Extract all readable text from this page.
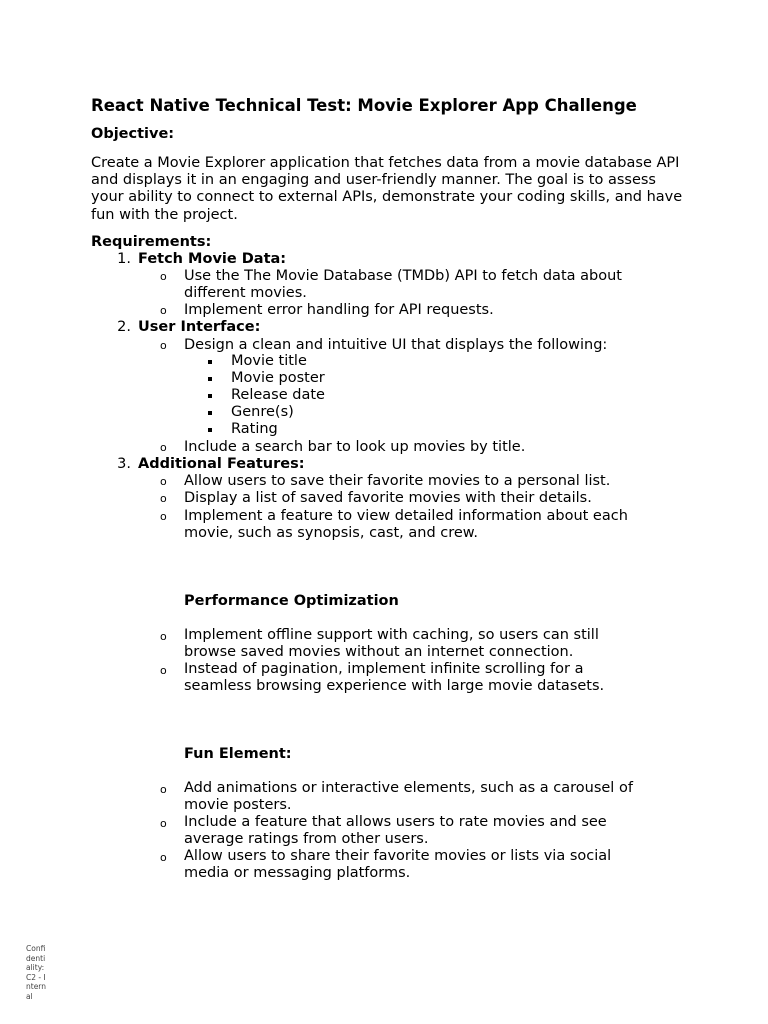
React Native Technical Test: Movie Explorer App Challenge
Objective:
Create a Movie Explorer application that fetches data from a movie database API and displays it in an engaging and user-friendly manner. The goal is to assess your ability to connect to external APIs, demonstrate your coding skills, and have fun with the project.
Requirements:
1. Fetch Movie Data:
o Use the The Movie Database (TMDb) API to fetch data about
different movies.
o Implement error handling for API requests.
2. User Interface:
o Design a clean and intuitive UI that displays the following:
Movie title
Movie poster
Release date
Genre(s)
Rating
o Include a search bar to look up movies by title.
3. Additional Features:
o Allow users to save their favorite movies to a personal list.
o Display a list of saved favorite movies with their details.
o Implement a feature to view detailed information about each
movie, such as synopsis, cast, and crew.
Performance Optimization
o Implement offline support with caching, so users can still
browse saved movies without an internet connection.
o Instead of pagination, implement infinite scrolling for a
seamless browsing experience with large movie datasets.
Fun Element:
o Add animations or interactive elements, such as a carousel of
movie posters.
o Include a feature that allows users to rate movies and see
average ratings from other users.
o Allow users to share their favorite movies or lists via social
media or messaging platforms.
Confidentiality: C2 - Internal
